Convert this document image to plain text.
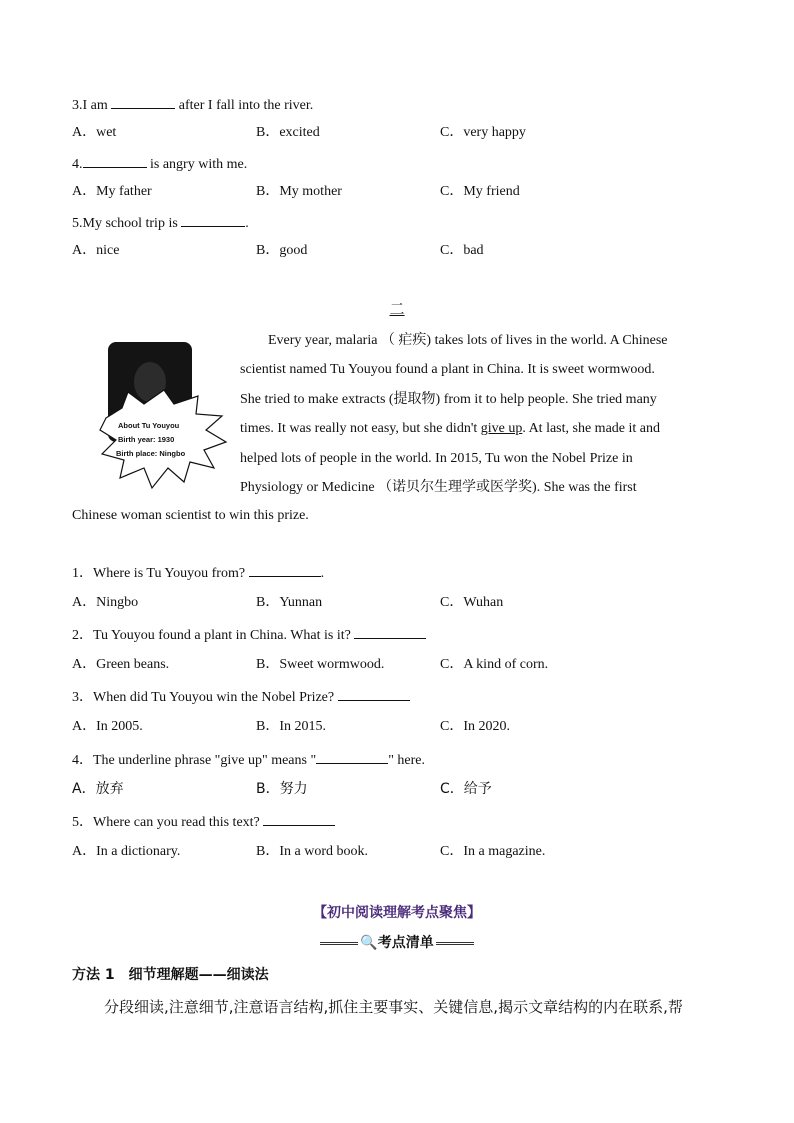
3.I am	after I fall into the river.
A．wet	B．excited	C．very happy
4.	is angry with me.
A．My father	B．My mother	C．My friend
5.My school trip is	.
A．nice	B．good	C．bad
二
About Tu Youyou
Birth year: 1930
Birth place: Ningbo
Every year, malaria （ 疟疾) takes lots of lives in the world. A Chinese
scientist named Tu Youyou found a plant in China. It is sweet wormwood.
She tried to make extracts (提取物) from it to help people. She tried many
times. It was really not easy, but she didn't give up. At last, she made it and
helped lots of people in the world. In 2015, Tu won the Nobel Prize in
Physiology or Medicine （诺贝尔生理学或医学奖). She was the first
Chinese woman scientist to win this prize.
1．Where is Tu Youyou from?	.
A．Ningbo	B．Yunnan	C．Wuhan
2．Tu Youyou found a plant in China. What is it?
A．Green beans.	B．Sweet wormwood.	C．A kind of corn.
3．When did Tu Youyou win the Nobel Prize?
A．In 2005.	B．In 2015.	C．In 2020.
4．The underline phrase "give up" means "	" here.
A．放弃	B．努力	C．给予
5．Where can you read this text?
A．In a dictionary.	B．In a word book.	C．In a magazine.
【初中阅读理解考点聚焦】
🔍考点清单
方法 1 细节理解题——细读法
分段细读,注意细节,注意语言结构,抓住主要事实、关键信息,揭示文章结构的内在联系,帮
